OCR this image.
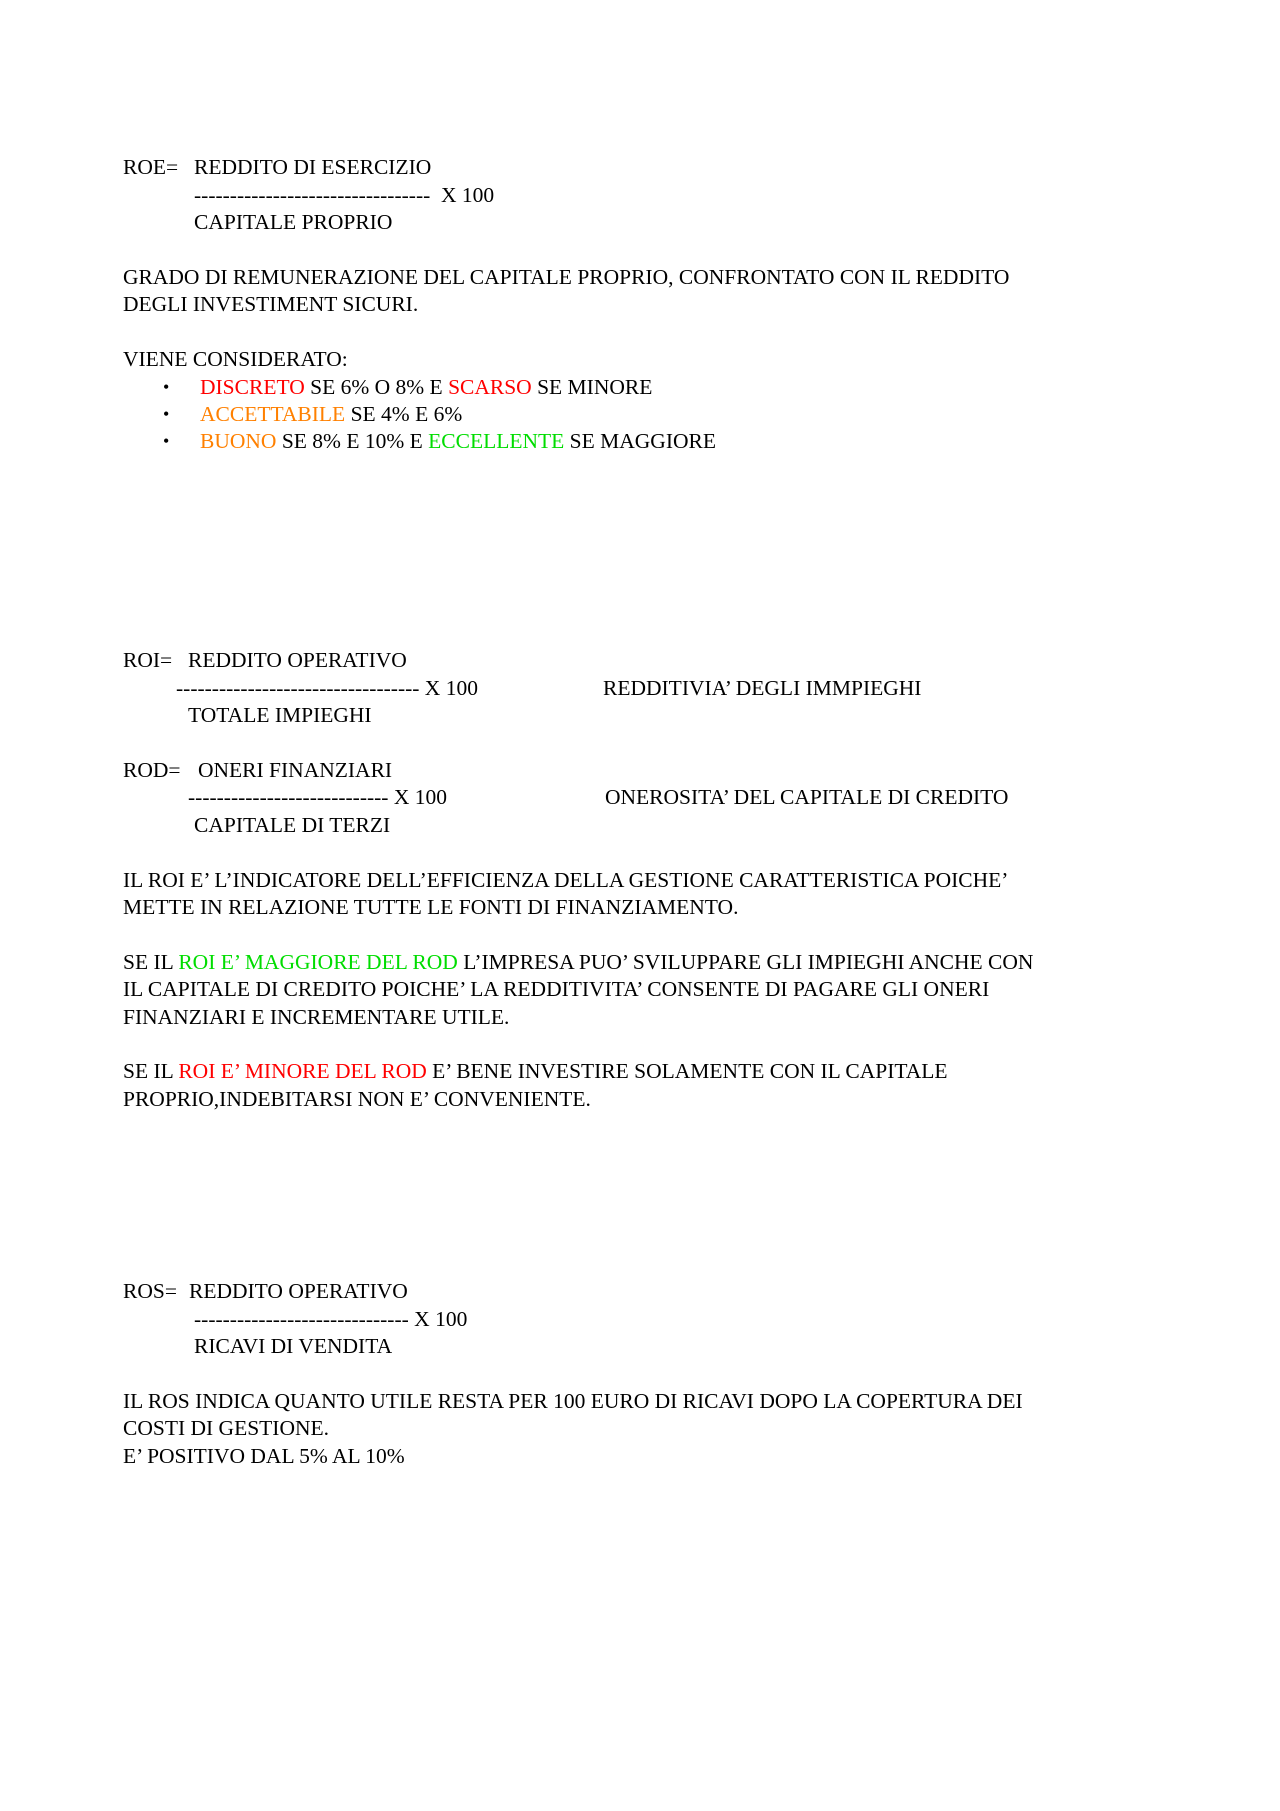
ROE= REDDITO DI ESERCIZIO
---------------------------------  X 100
CAPITALE PROPRIO
GRADO DI REMUNERAZIONE DEL CAPITALE PROPRIO, CONFRONTATO CON IL REDDITO
DEGLI INVESTIMENT SICURI.
VIENE CONSIDERATO:
• DISCRETO SE 6% O 8% E SCARSO SE MINORE
• ACCETTABILE SE 4% E 6%
• BUONO SE 8% E 10% E ECCELLENTE SE MAGGIORE
ROI= REDDITO OPERATIVO
---------------------------------- X 100	REDDITIVIA’ DEGLI IMMPIEGHI
TOTALE IMPIEGHI
ROD= ONERI FINANZIARI
---------------------------- X 100	ONEROSITA’ DEL CAPITALE DI CREDITO
CAPITALE DI TERZI
IL ROI E’ L’INDICATORE DELL’EFFICIENZA DELLA GESTIONE CARATTERISTICA POICHE’
METTE IN RELAZIONE TUTTE LE FONTI DI FINANZIAMENTO.
SE IL ROI E’ MAGGIORE DEL ROD L’IMPRESA PUO’ SVILUPPARE GLI IMPIEGHI ANCHE CON
IL CAPITALE DI CREDITO POICHE’ LA REDDITIVITA’ CONSENTE DI PAGARE GLI ONERI
FINANZIARI E INCREMENTARE UTILE.
SE IL ROI E’ MINORE DEL ROD E’ BENE INVESTIRE SOLAMENTE CON IL CAPITALE
PROPRIO,INDEBITARSI NON E’ CONVENIENTE.
ROS= REDDITO OPERATIVO
------------------------------ X 100
RICAVI DI VENDITA
IL ROS INDICA QUANTO UTILE RESTA PER 100 EURO DI RICAVI DOPO LA COPERTURA DEI
COSTI DI GESTIONE.
E’ POSITIVO DAL 5% AL 10%
